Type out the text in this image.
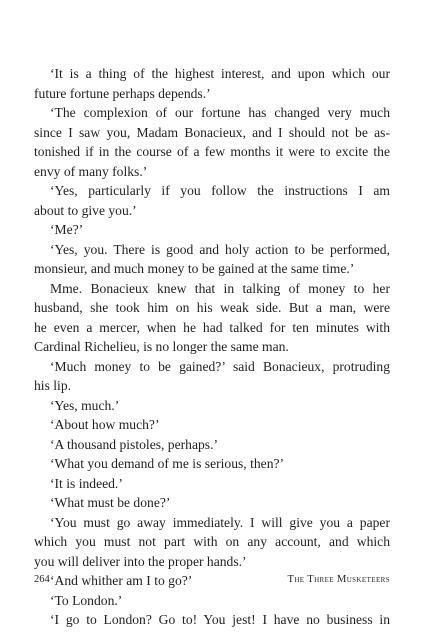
‘It is a thing of the highest interest, and upon which our
future fortune perhaps depends.’
‘The complexion of our fortune has changed very much
since I saw you, Madam Bonacieux, and I should not be as-
tonished if in the course of a few months it were to excite the
envy of many folks.’
‘Yes, particularly if you follow the instructions I am
about to give you.’
‘Me?’
‘Yes, you. There is good and holy action to be performed,
monsieur, and much money to be gained at the same time.’
Mme. Bonacieux knew that in talking of money to her
husband, she took him on his weak side. But a man, were
he even a mercer, when he had talked for ten minutes with
Cardinal Richelieu, is no longer the same man.
‘Much money to be gained?’ said Bonacieux, protruding
his lip.
‘Yes, much.’
‘About how much?’
‘A thousand pistoles, perhaps.’
‘What you demand of me is serious, then?’
‘It is indeed.’
‘What must be done?’
‘You must go away immediately. I will give you a paper
which you must not part with on any account, and which
you will deliver into the proper hands.’
‘And whither am I to go?’
‘To London.’
‘I go to London? Go to! You jest! I have no business in
264	The Three Musketeers
